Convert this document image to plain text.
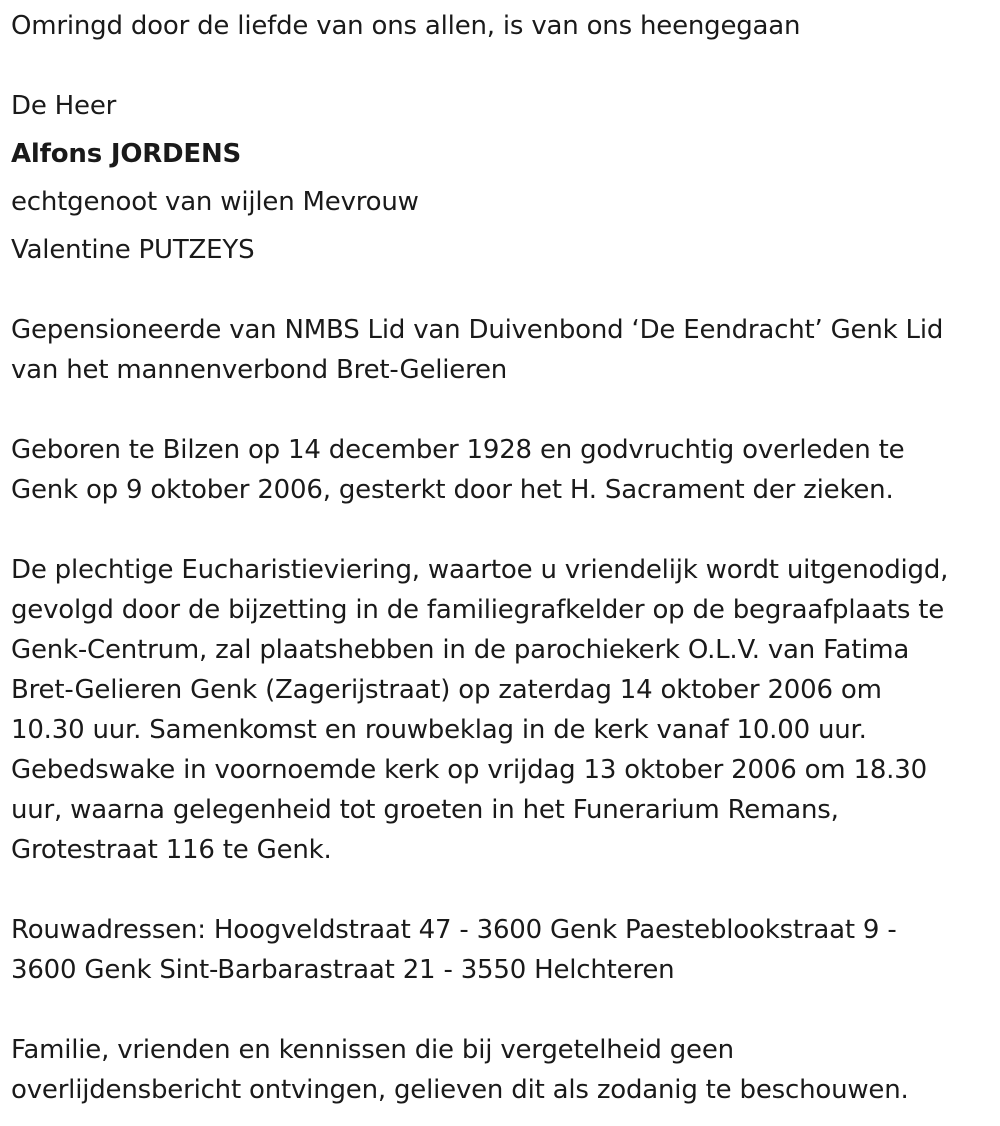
Omringd door de liefde van ons allen, is van ons heengegaan
De Heer
Alfons JORDENS
echtgenoot van wijlen Mevrouw
Valentine PUTZEYS
Gepensioneerde van NMBS Lid van Duivenbond ‘De Eendracht’ Genk Lid
van het mannenverbond Bret-Gelieren
Geboren te Bilzen op 14 december 1928 en godvruchtig overleden te
Genk op 9 oktober 2006, gesterkt door het H. Sacrament der zieken.
De plechtige Eucharistieviering, waartoe u vriendelijk wordt uitgenodigd,
gevolgd door de bijzetting in de familiegrafkelder op de begraafplaats te
Genk-Centrum, zal plaatshebben in de parochiekerk O.L.V. van Fatima
Bret-Gelieren Genk (Zagerijstraat) op zaterdag 14 oktober 2006 om
10.30 uur. Samenkomst en rouwbeklag in de kerk vanaf 10.00 uur.
Gebedswake in voornoemde kerk op vrijdag 13 oktober 2006 om 18.30
uur, waarna gelegenheid tot groeten in het Funerarium Remans,
Grotestraat 116 te Genk.
Rouwadressen: Hoogveldstraat 47 - 3600 Genk Paesteblookstraat 9 -
3600 Genk Sint-Barbarastraat 21 - 3550 Helchteren
Familie, vrienden en kennissen die bij vergetelheid geen
overlijdensbericht ontvingen, gelieven dit als zodanig te beschouwen.
